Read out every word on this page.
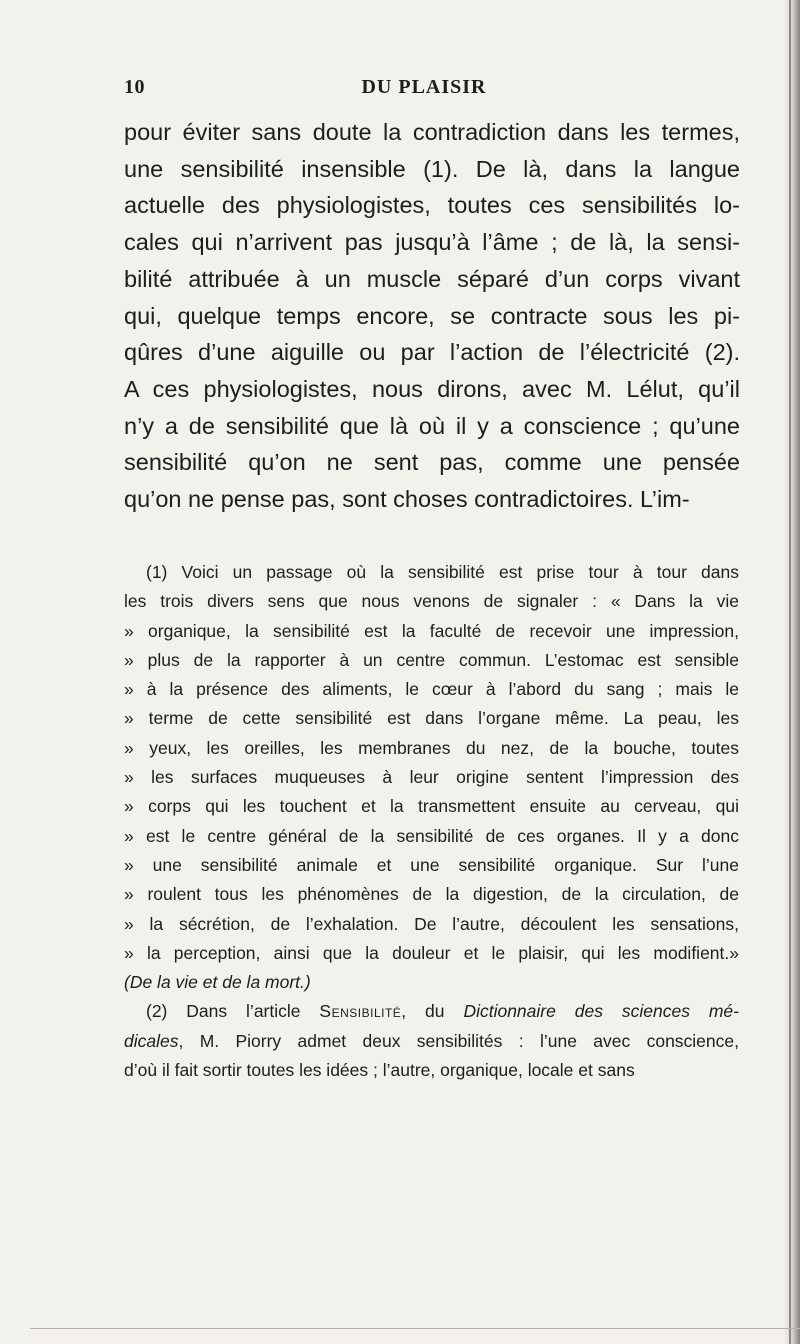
10	DU PLAISIR
pour éviter sans doute la contradiction dans les termes,
une sensibilité insensible (1). De là, dans la langue
actuelle des physiologistes, toutes ces sensibilités lo-
cales qui n’arrivent pas jusqu’à l’âme ; de là, la sensi-
bilité attribuée à un muscle séparé d’un corps vivant
qui, quelque temps encore, se contracte sous les pi-
qûres d’une aiguille ou par l’action de l’électricité (2).
A ces physiologistes, nous dirons, avec M. Lélut, qu’il
n’y a de sensibilité que là où il y a conscience ; qu’une
sensibilité qu’on ne sent pas, comme une pensée
qu’on ne pense pas, sont choses contradictoires. L’im-
(1) Voici un passage où la sensibilité est prise tour à tour dans
les trois divers sens que nous venons de signaler : « Dans la vie
» organique, la sensibilité est la faculté de recevoir une impression,
» plus de la rapporter à un centre commun. L’estomac est sensible
» à la présence des aliments, le cœur à l’abord du sang ; mais le
» terme de cette sensibilité est dans l’organe même. La peau, les
» yeux, les oreilles, les membranes du nez, de la bouche, toutes
» les surfaces muqueuses à leur origine sentent l’impression des
» corps qui les touchent et la transmettent ensuite au cerveau, qui
» est le centre général de la sensibilité de ces organes. Il y a donc
» une sensibilité animale et une sensibilité organique. Sur l’une
» roulent tous les phénomènes de la digestion, de la circulation, de
» la sécrétion, de l’exhalation. De l’autre, découlent les sensations,
» la perception, ainsi que la douleur et le plaisir, qui les modifient.»
(De la vie et de la mort.)
(2) Dans l’article Sensibilité, du Dictionnaire des sciences mé-
dicales, M. Piorry admet deux sensibilités : l’une avec conscience,
d’où il fait sortir toutes les idées ; l’autre, organique, locale et sans
